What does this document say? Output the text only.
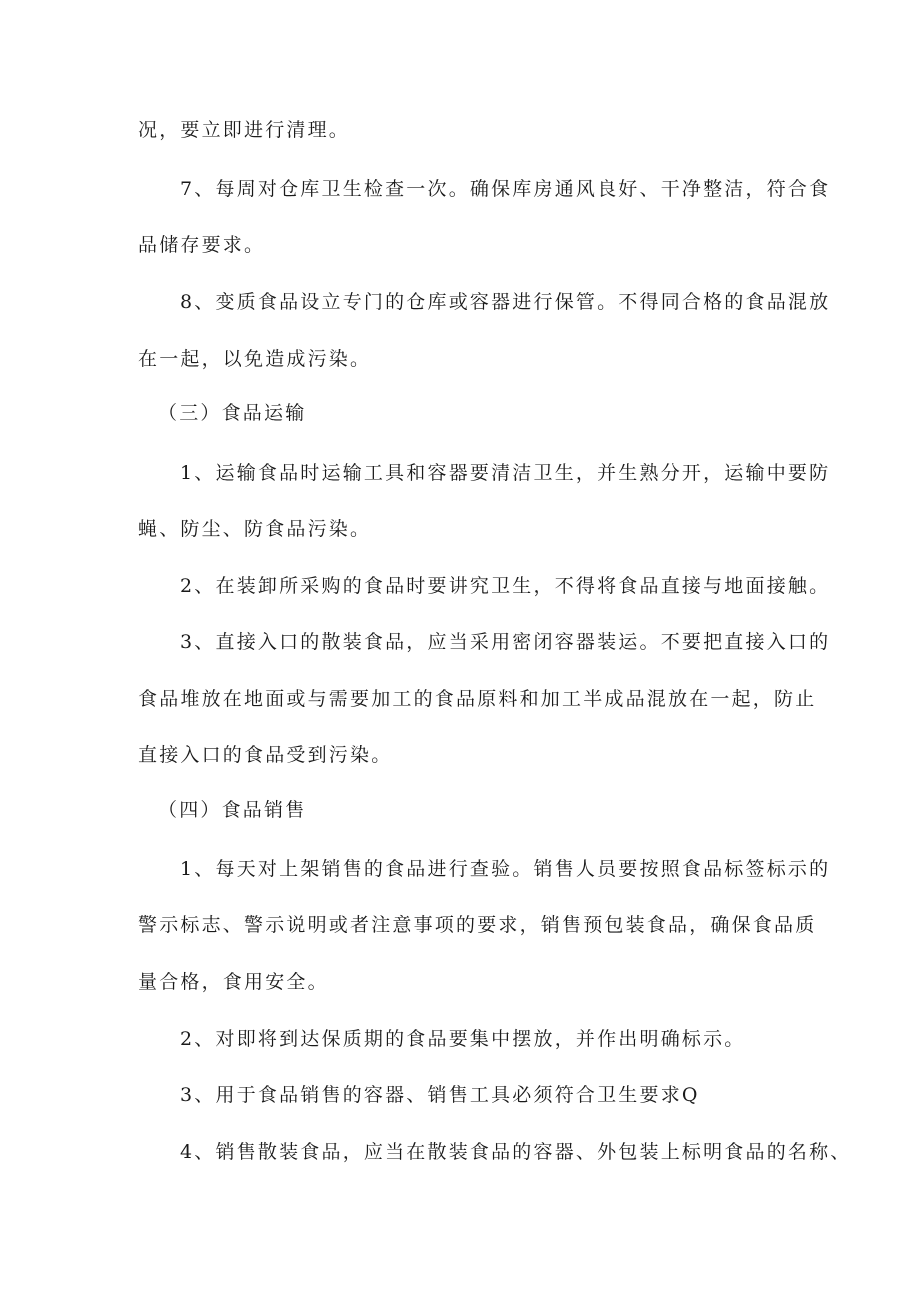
况，要立即进行清理。
7、每周对仓库卫生检查一次。确保库房通风良好、干净整洁，符合食
品储存要求。
8、变质食品设立专门的仓库或容器进行保管。不得同合格的食品混放
在一起，以免造成污染。
（三）食品运输
1、运输食品时运输工具和容器要清洁卫生，并生熟分开，运输中要防
蝇、防尘、防食品污染。
2、在装卸所采购的食品时要讲究卫生，不得将食品直接与地面接触。
3、直接入口的散装食品，应当采用密闭容器装运。不要把直接入口的
食品堆放在地面或与需要加工的食品原料和加工半成品混放在一起，防止
直接入口的食品受到污染。
（四）食品销售
1、每天对上架销售的食品进行查验。销售人员要按照食品标签标示的
警示标志、警示说明或者注意事项的要求，销售预包装食品，确保食品质
量合格，食用安全。
2、对即将到达保质期的食品要集中摆放，并作出明确标示。
3、用于食品销售的容器、销售工具必须符合卫生要求Q
4、销售散装食品，应当在散装食品的容器、外包装上标明食品的名称、
